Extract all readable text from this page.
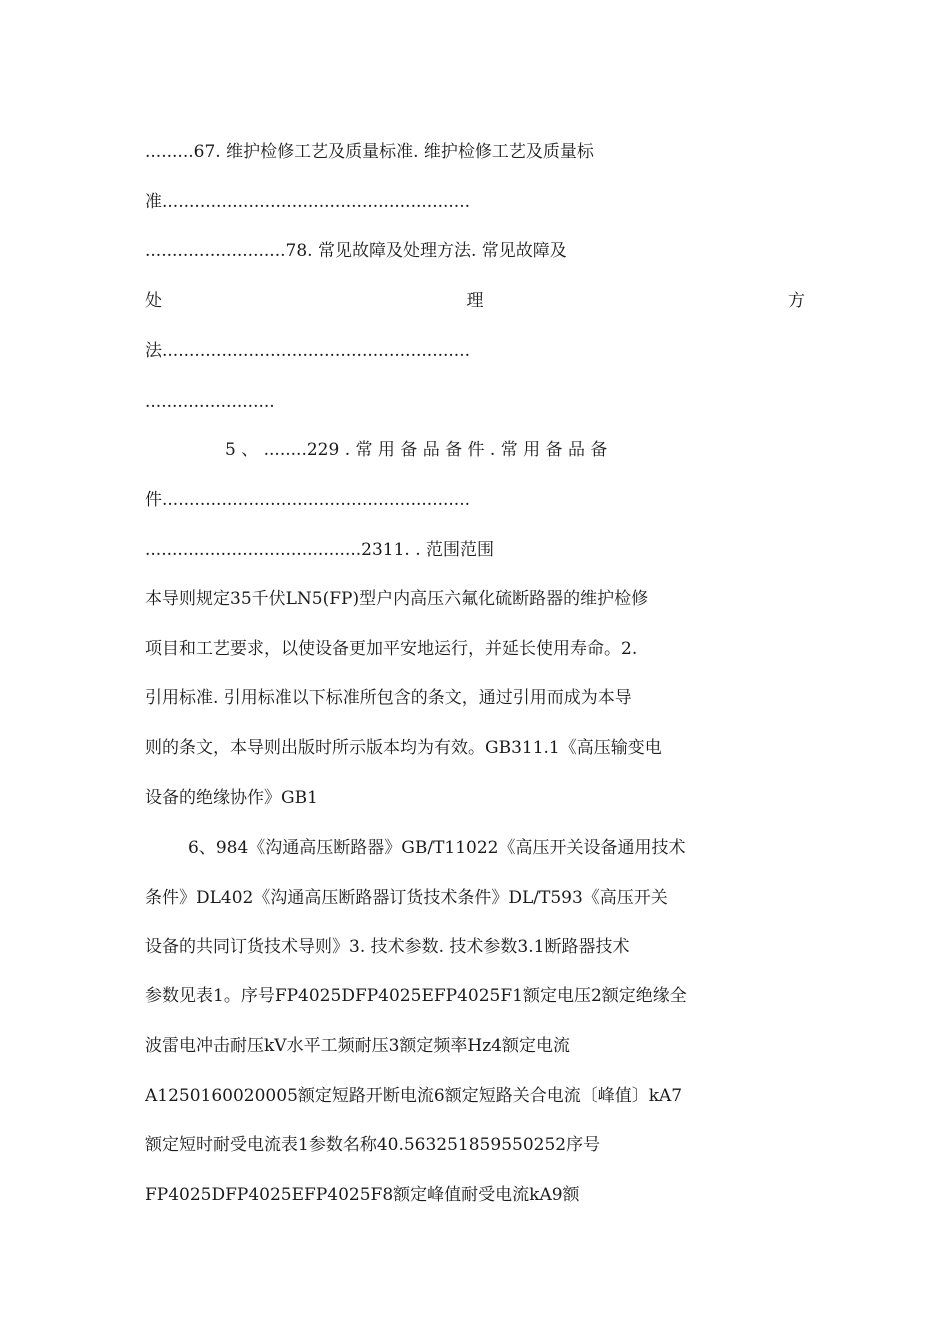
.........67. 维护检修工艺及质量标准. 维护检修工艺及质量标
准.........................................................
..........................78. 常见故障及处理方法. 常见故障及
处	理	方
法.........................................................
........................
5 、 ........229 . 常 用 备 品 备 件 . 常 用 备 品 备
件.........................................................
........................................2311. . 范围范围
本导则规定35千伏LN5(FP)型户内高压六氟化硫断路器的维护检修
项目和工艺要求，以使设备更加平安地运行，并延长使用寿命。2.
引用标准. 引用标准以下标准所包含的条文，通过引用而成为本导
则的条文，本导则出版时所示版本均为有效。GB311.1《高压输变电
设备的绝缘协作》GB1
6、984《沟通高压断路器》GB/T11022《高压开关设备通用技术
条件》DL402《沟通高压断路器订货技术条件》DL/T593《高压开关
设备的共同订货技术导则》3. 技术参数. 技术参数3.1断路器技术
参数见表1。序号FP4025DFP4025EFP4025F1额定电压2额定绝缘全
波雷电冲击耐压kV水平工频耐压3额定频率Hz4额定电流
A1250160020005额定短路开断电流6额定短路关合电流〔峰值〕kA7
额定短时耐受电流表1参数名称40.563251859550252序号
FP4025DFP4025EFP4025F8额定峰值耐受电流kA9额
